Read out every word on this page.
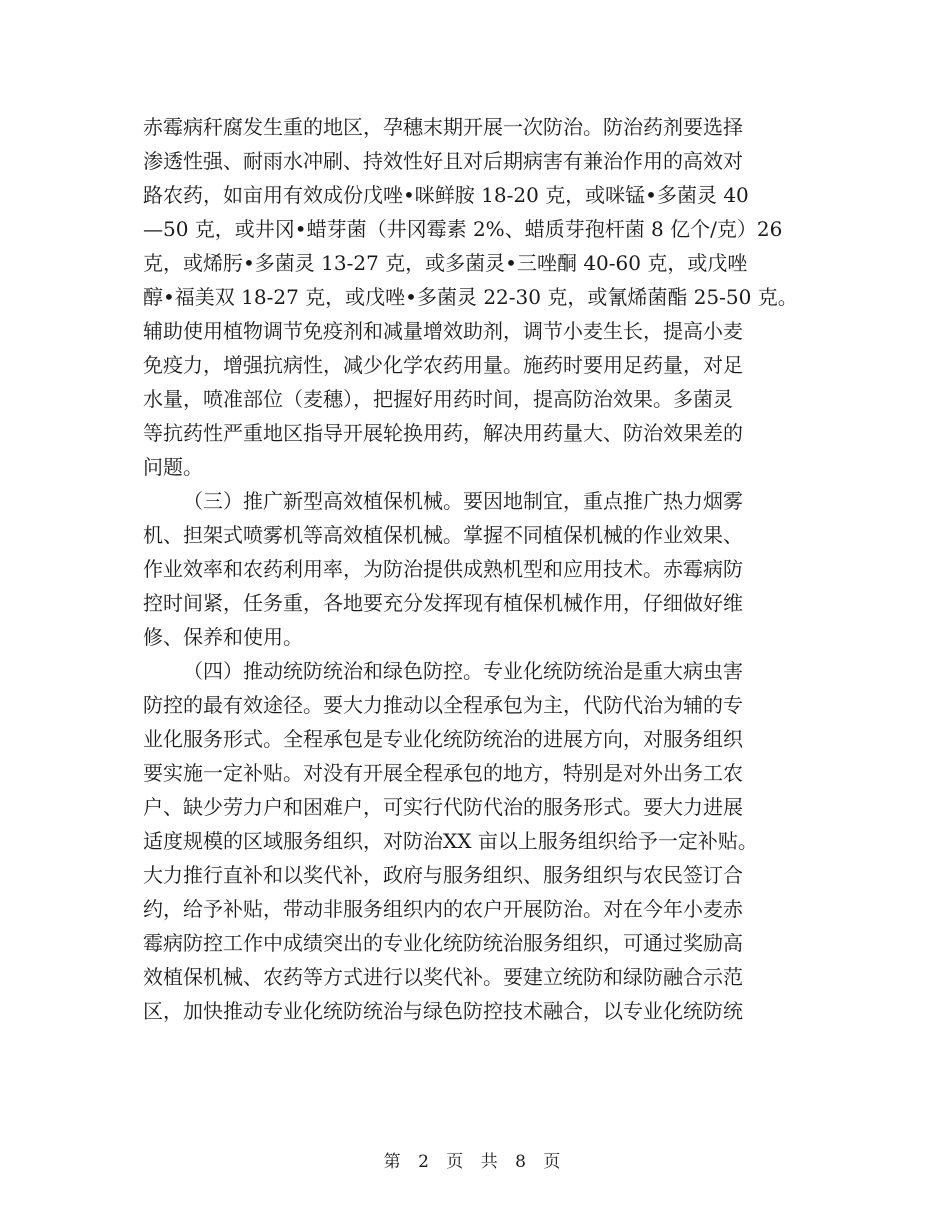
赤霉病秆腐发生重的地区，孕穗末期开展一次防治。防治药剂要选择
渗透性强、耐雨水冲刷、持效性好且对后期病害有兼治作用的高效对
路农药，如亩用有效成份戊唑•咪鲜胺 18-20 克，或咪锰•多菌灵 40
—50 克，或井冈•蜡芽菌（井冈霉素 2%、蜡质芽孢杆菌 8 亿个/克）26
克，或烯肟•多菌灵 13-27 克，或多菌灵•三唑酮 40-60 克，或戊唑
醇•福美双 18-27 克，或戊唑•多菌灵 22-30 克，或氰烯菌酯 25-50 克。
辅助使用植物调节免疫剂和减量增效助剂，调节小麦生长，提高小麦
免疫力，增强抗病性，减少化学农药用量。施药时要用足药量，对足
水量，喷准部位（麦穗），把握好用药时间，提高防治效果。多菌灵
等抗药性严重地区指导开展轮换用药，解决用药量大、防治效果差的
问题。
（三）推广新型高效植保机械。要因地制宜，重点推广热力烟雾
机、担架式喷雾机等高效植保机械。掌握不同植保机械的作业效果、
作业效率和农药利用率，为防治提供成熟机型和应用技术。赤霉病防
控时间紧，任务重，各地要充分发挥现有植保机械作用，仔细做好维
修、保养和使用。
（四）推动统防统治和绿色防控。专业化统防统治是重大病虫害
防控的最有效途径。要大力推动以全程承包为主，代防代治为辅的专
业化服务形式。全程承包是专业化统防统治的进展方向，对服务组织
要实施一定补贴。对没有开展全程承包的地方，特别是对外出务工农
户、缺少劳力户和困难户，可实行代防代治的服务形式。要大力进展
适度规模的区域服务组织，对防治XX 亩以上服务组织给予一定补贴。
大力推行直补和以奖代补，政府与服务组织、服务组织与农民签订合
约，给予补贴，带动非服务组织内的农户开展防治。对在今年小麦赤
霉病防控工作中成绩突出的专业化统防统治服务组织，可通过奖励高
效植保机械、农药等方式进行以奖代补。要建立统防和绿防融合示范
区，加快推动专业化统防统治与绿色防控技术融合，以专业化统防统
第 2 页 共 8 页
